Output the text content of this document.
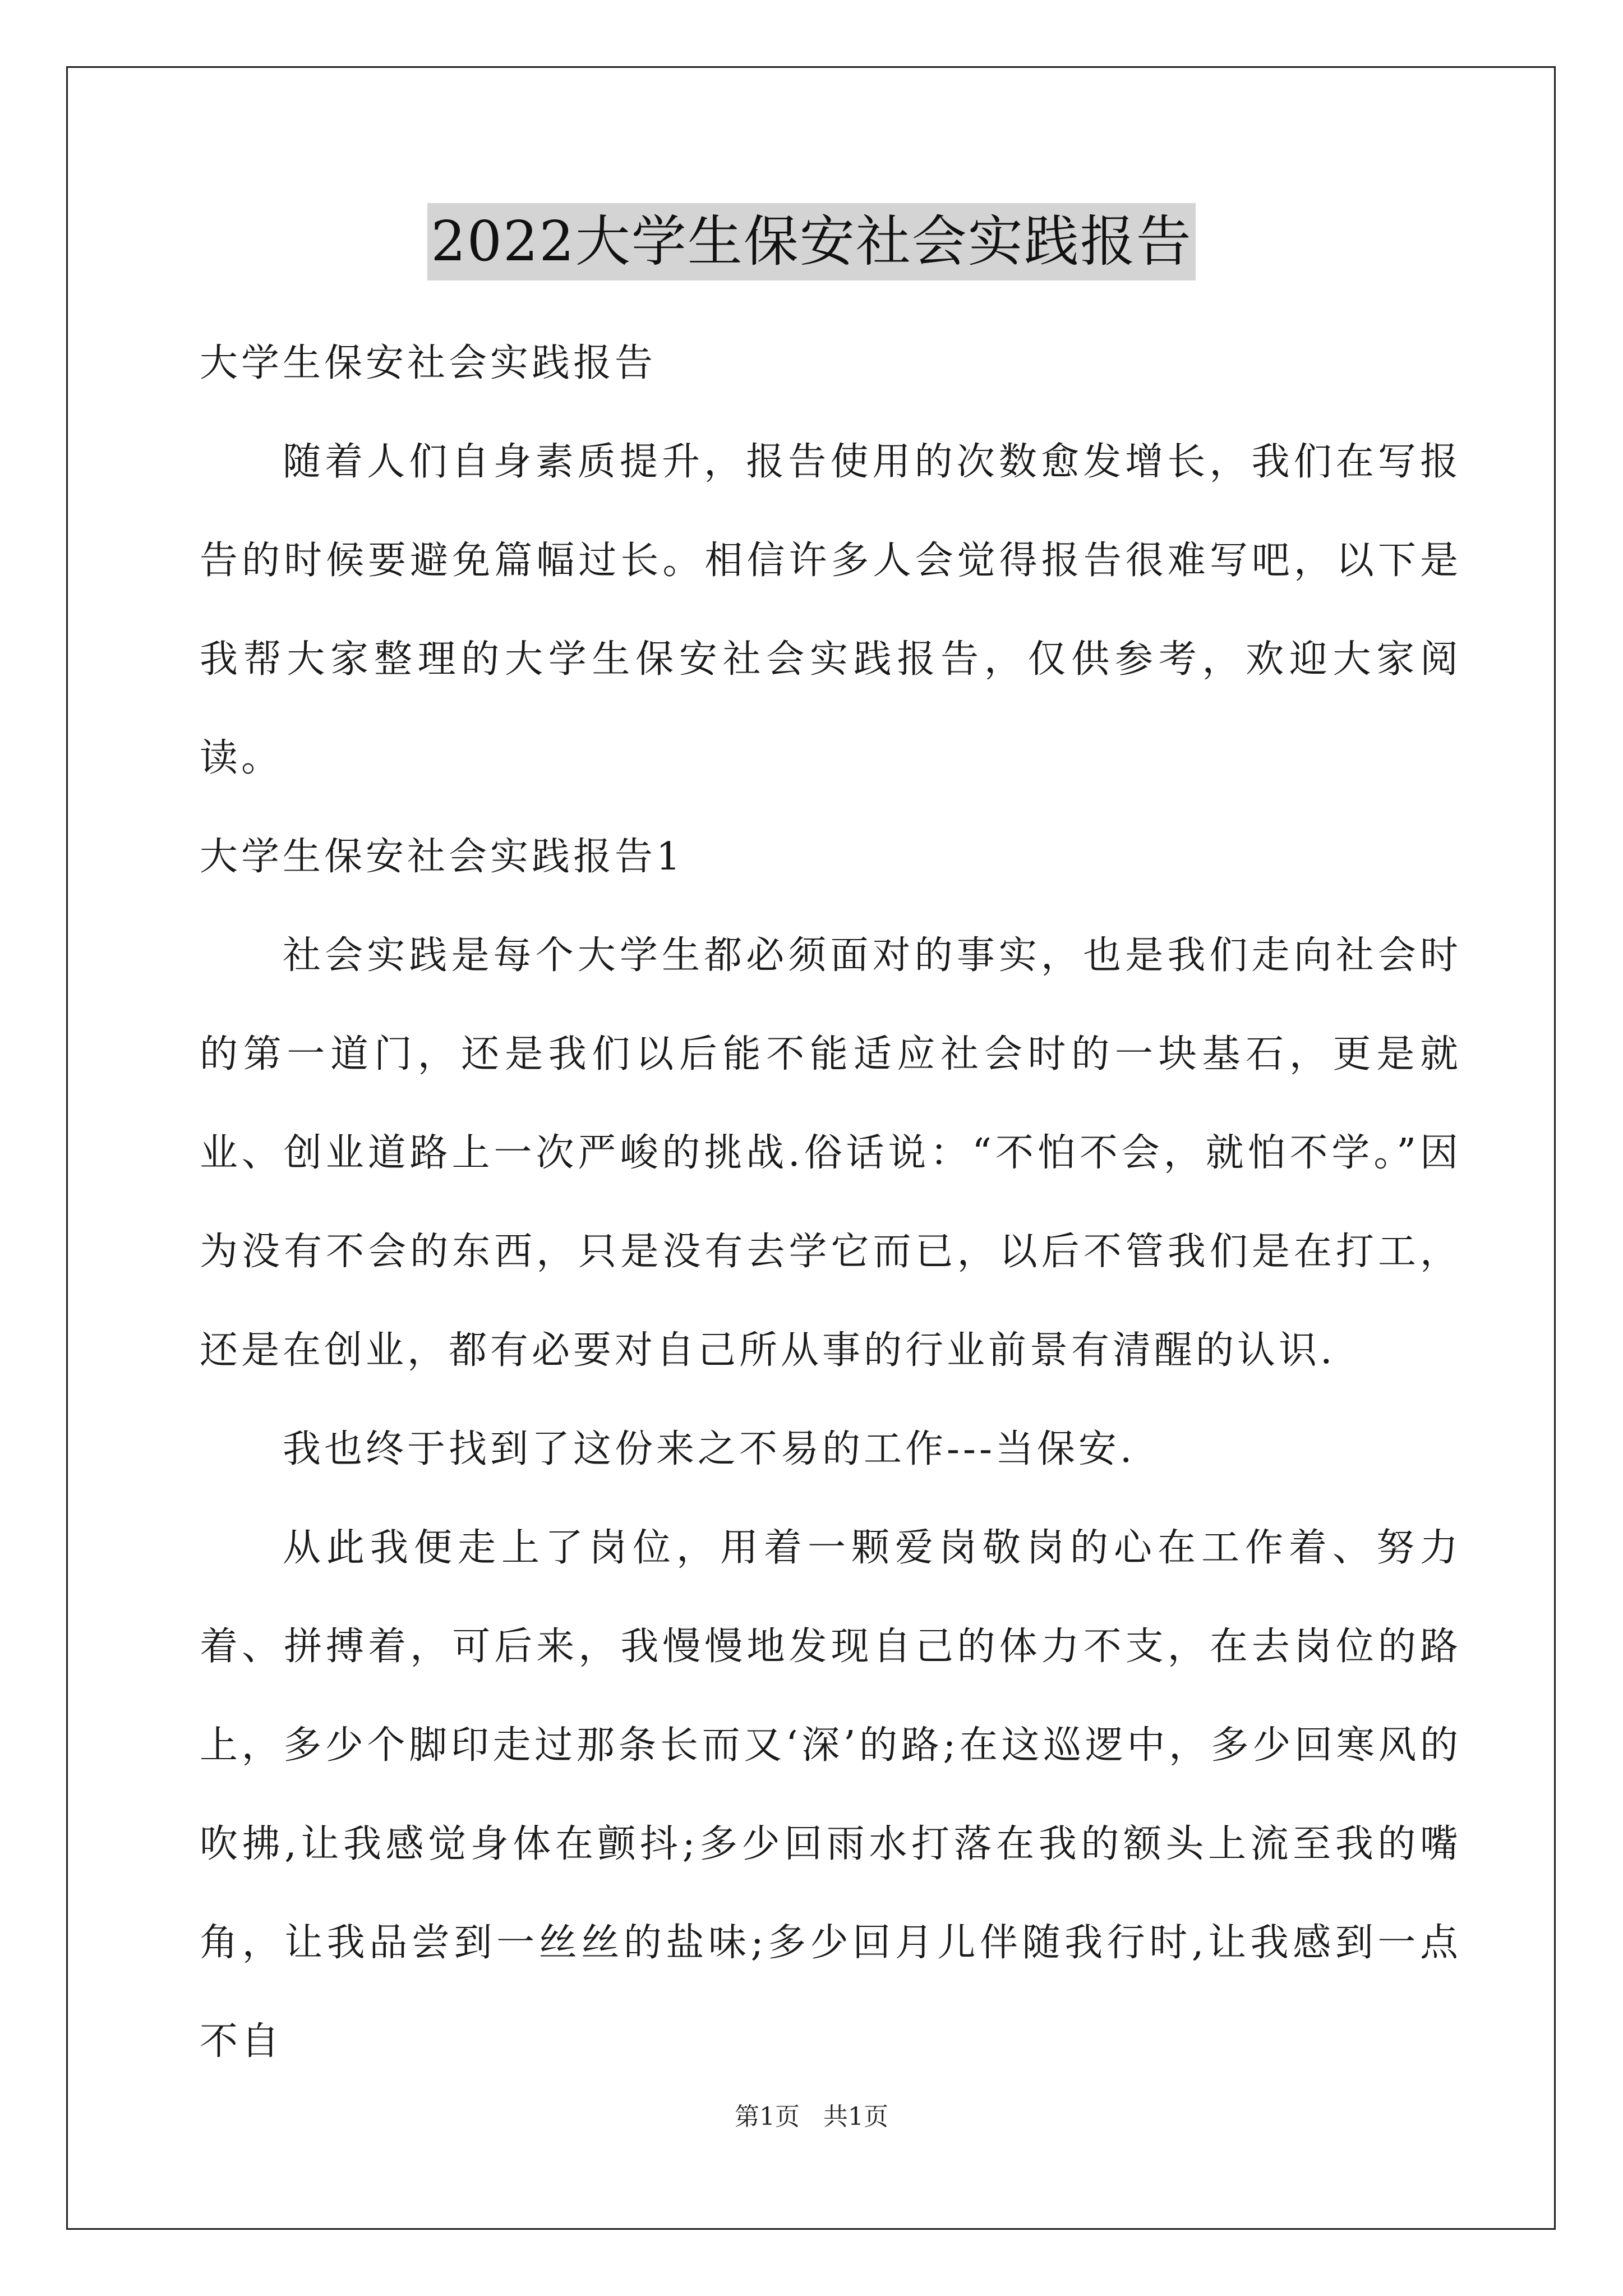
2022大学生保安社会实践报告

大学生保安社会实践报告

随着人们自身素质提升，报告使用的次数愈发增长，我们在写报告的时候要避免篇幅过长。相信许多人会觉得报告很难写吧，以下是我帮大家整理的大学生保安社会实践报告，仅供参考，欢迎大家阅读。

大学生保安社会实践报告1

社会实践是每个大学生都必须面对的事实，也是我们走向社会时的第一道门，还是我们以后能不能适应社会时的一块基石，更是就业、创业道路上一次严峻的挑战.俗话说：“不怕不会，就怕不学。”因为没有不会的东西，只是没有去学它而已，以后不管我们是在打工，还是在创业，都有必要对自己所从事的行业前景有清醒的认识.

我也终于找到了这份来之不易的工作---当保安.

从此我便走上了岗位，用着一颗爱岗敬岗的心在工作着、努力着、拼搏着，可后来，我慢慢地发现自己的体力不支，在去岗位的路上，多少个脚印走过那条长而又‘深’的路;在这巡逻中，多少回寒风的吹拂,让我感觉身体在颤抖;多少回雨水打落在我的额头上流至我的嘴角，让我品尝到一丝丝的盐味;多少回月儿伴随我行时,让我感到一点不自

第1页 共1页
